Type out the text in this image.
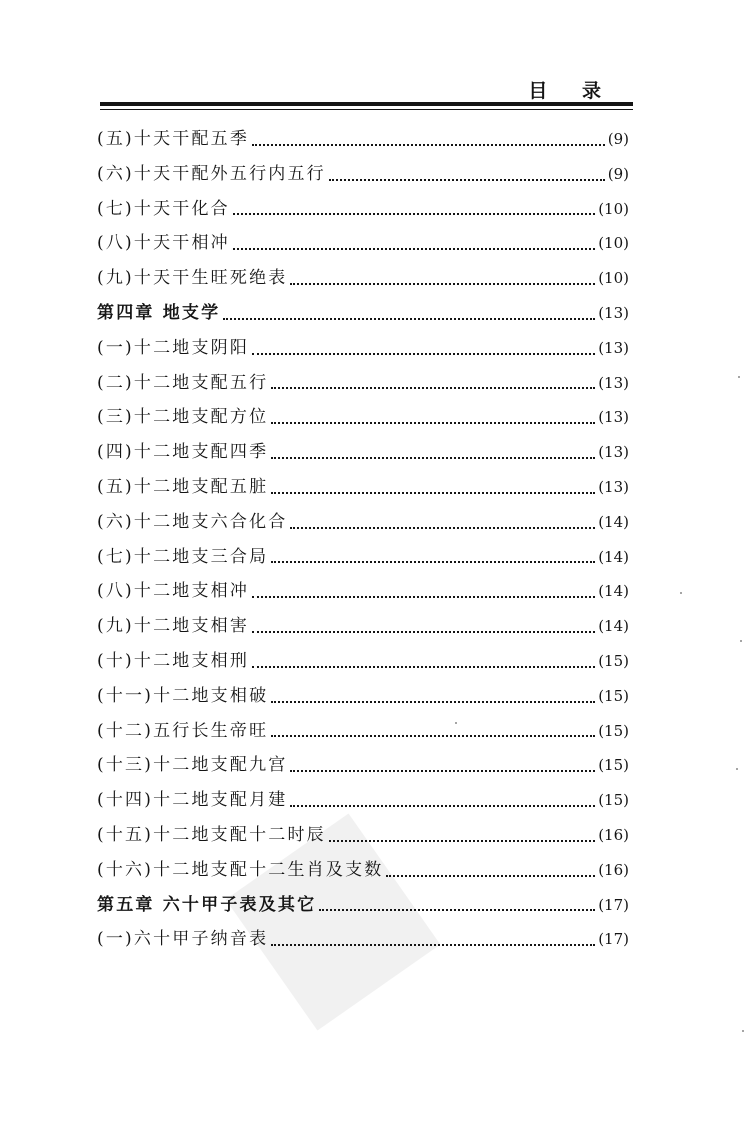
目 录
(五)十天干配五季	(9)
(六)十天干配外五行内五行	(9)
(七)十天干化合	(10)
(八)十天干相冲	(10)
(九)十天干生旺死绝表	(10)
第四章 地支学	(13)
(一)十二地支阴阳	(13)
(二)十二地支配五行	(13)
(三)十二地支配方位	(13)
(四)十二地支配四季	(13)
(五)十二地支配五脏	(13)
(六)十二地支六合化合	(14)
(七)十二地支三合局	(14)
(八)十二地支相冲	(14)
(九)十二地支相害	(14)
(十)十二地支相刑	(15)
(十一)十二地支相破	(15)
(十二)五行长生帝旺	(15)
(十三)十二地支配九宫	(15)
(十四)十二地支配月建	(15)
(十五)十二地支配十二时辰	(16)
(十六)十二地支配十二生肖及支数	(16)
第五章 六十甲子表及其它	(17)
(一)六十甲子纳音表	(17)
